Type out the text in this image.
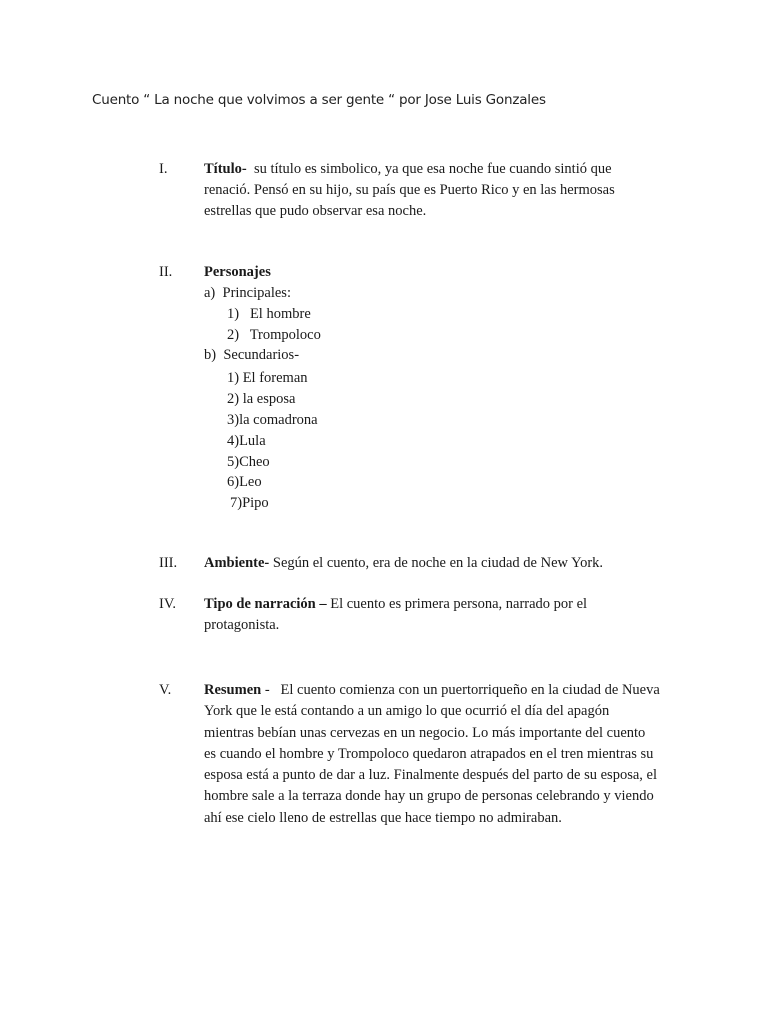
Cuento “ La noche que volvimos a ser gente “ por Jose Luis Gonzales
I.	Título-  su título es simbolico, ya que esa noche fue cuando sintió que
renació. Pensó en su hijo, su país que es Puerto Rico y en las hermosas
estrellas que pudo observar esa noche.
II. Personajes
a)  Principales:
1)   El hombre
2)   Trompoloco
b)  Secundarios-
1) El foreman
2) la esposa
3)la comadrona
4)Lula
5)Cheo
6)Leo
7)Pipo
III. Ambiente- Según el cuento, era de noche en la ciudad de New York.
IV. Tipo de narración – El cuento es primera persona, narrado por el
protagonista.
V. Resumen -   El cuento comienza con un puertorriqueño en la ciudad de Nueva
York que le está contando a un amigo lo que ocurrió el día del apagón
mientras bebían unas cervezas en un negocio. Lo más importante del cuento
es cuando el hombre y Trompoloco quedaron atrapados en el tren mientras su
esposa está a punto de dar a luz. Finalmente después del parto de su esposa, el
hombre sale a la terraza donde hay un grupo de personas celebrando y viendo
ahí ese cielo lleno de estrellas que hace tiempo no admiraban.
